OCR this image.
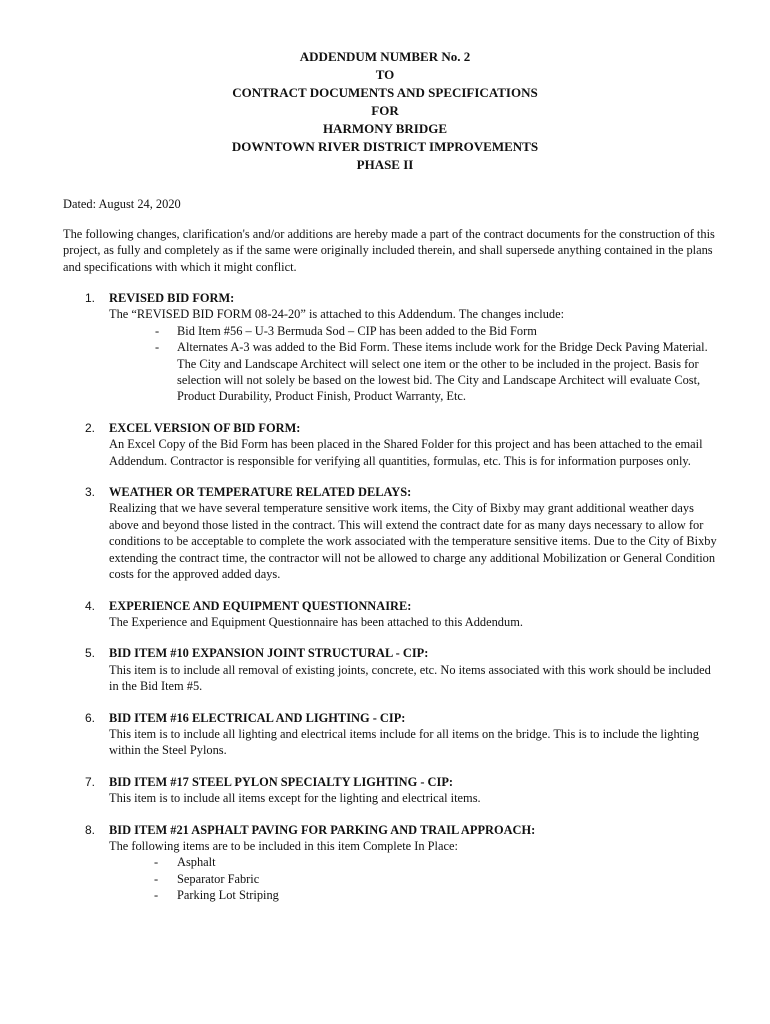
ADDENDUM NUMBER No. 2
TO
CONTRACT DOCUMENTS AND SPECIFICATIONS
FOR
HARMONY BRIDGE
DOWNTOWN RIVER DISTRICT IMPROVEMENTS
PHASE II
Dated: August 24, 2020
The following changes, clarification's and/or additions are hereby made a part of the contract documents for the construction of this project, as fully and completely as if the same were originally included therein, and shall supersede anything contained in the plans and specifications with which it might conflict.
1. REVISED BID FORM:
The “REVISED BID FORM 08-24-20” is attached to this Addendum. The changes include:
- Bid Item #56 – U-3 Bermuda Sod – CIP has been added to the Bid Form
- Alternates A-3 was added to the Bid Form. These items include work for the Bridge Deck Paving Material. The City and Landscape Architect will select one item or the other to be included in the project. Basis for selection will not solely be based on the lowest bid. The City and Landscape Architect will evaluate Cost, Product Durability, Product Finish, Product Warranty, Etc.
2. EXCEL VERSION OF BID FORM:
An Excel Copy of the Bid Form has been placed in the Shared Folder for this project and has been attached to the email Addendum. Contractor is responsible for verifying all quantities, formulas, etc. This is for information purposes only.
3. WEATHER OR TEMPERATURE RELATED DELAYS:
Realizing that we have several temperature sensitive work items, the City of Bixby may grant additional weather days above and beyond those listed in the contract. This will extend the contract date for as many days necessary to allow for conditions to be acceptable to complete the work associated with the temperature sensitive items. Due to the City of Bixby extending the contract time, the contractor will not be allowed to charge any additional Mobilization or General Condition costs for the approved added days.
4. EXPERIENCE AND EQUIPMENT QUESTIONNAIRE:
The Experience and Equipment Questionnaire has been attached to this Addendum.
5. BID ITEM #10 EXPANSION JOINT STRUCTURAL - CIP:
This item is to include all removal of existing joints, concrete, etc. No items associated with this work should be included in the Bid Item #5.
6. BID ITEM #16 ELECTRICAL AND LIGHTING - CIP:
This item is to include all lighting and electrical items include for all items on the bridge. This is to include the lighting within the Steel Pylons.
7. BID ITEM #17 STEEL PYLON SPECIALTY LIGHTING - CIP:
This item is to include all items except for the lighting and electrical items.
8. BID ITEM #21 ASPHALT PAVING FOR PARKING AND TRAIL APPROACH:
The following items are to be included in this item Complete In Place:
- Asphalt
- Separator Fabric
- Parking Lot Striping
